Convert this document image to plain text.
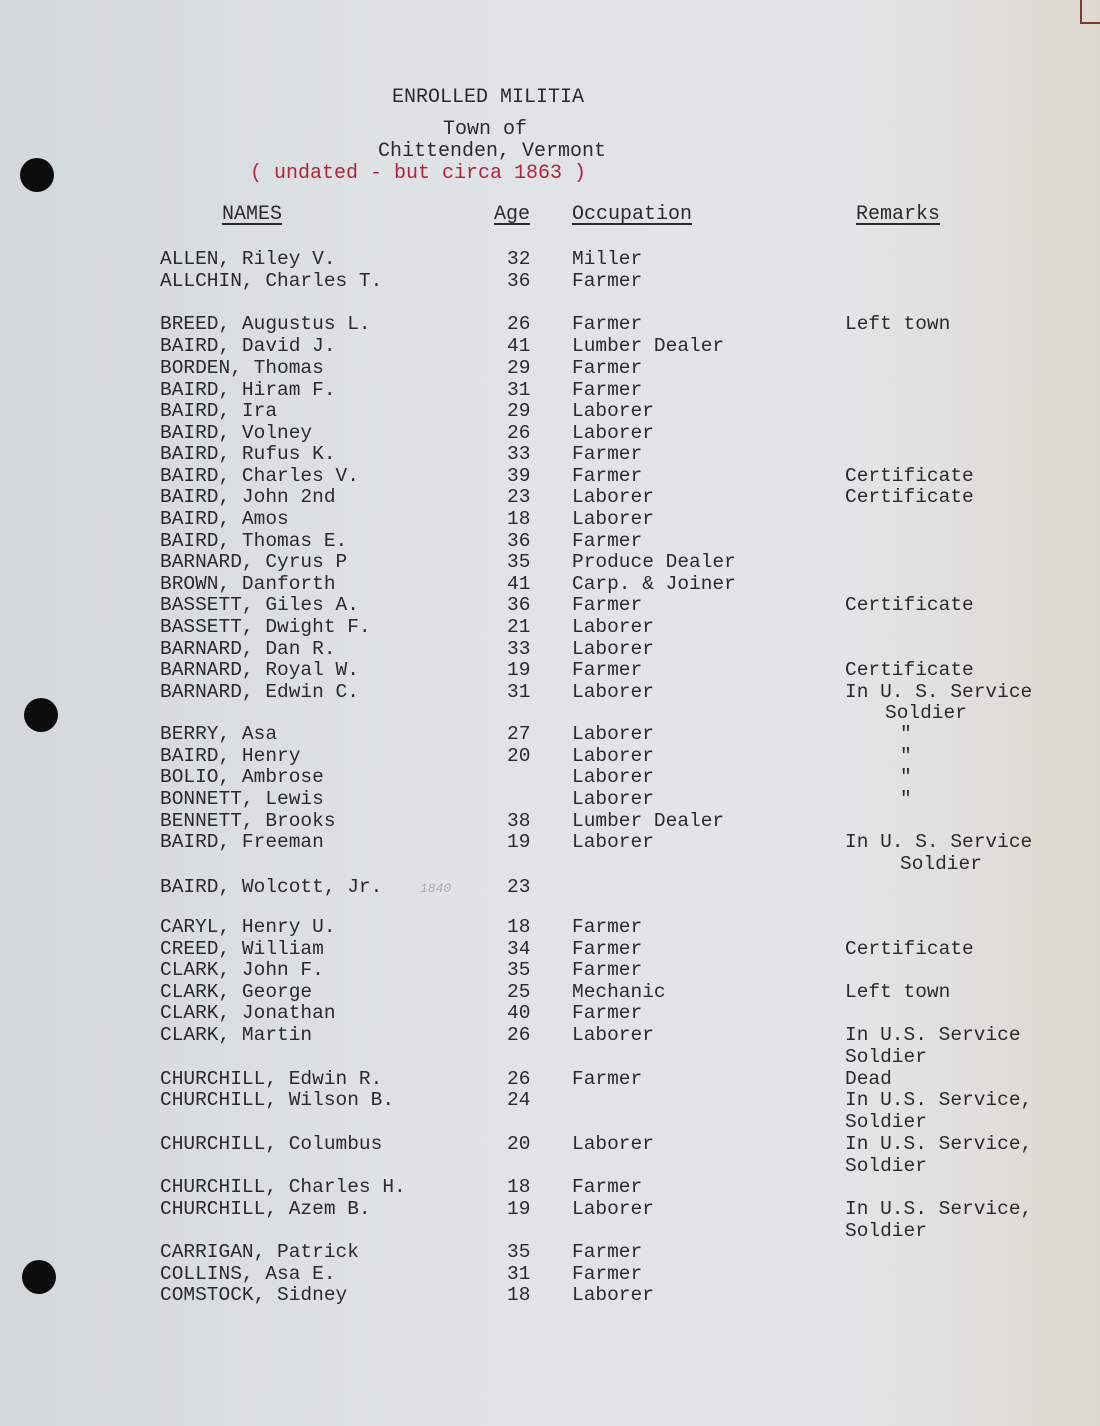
ENROLLED MILITIA
Town of
Chittenden, Vermont
( undated - but circa 1863 )
NAMES	Age Occupation	Remarks
ALLEN, Riley V.	32 Miller
ALLCHIN, Charles T.	36 Farmer
BREED, Augustus L.	26 Farmer	Left town
BAIRD, David J.	41 Lumber Dealer
BORDEN, Thomas	29 Farmer
BAIRD, Hiram F.	31 Farmer
BAIRD, Ira	29 Laborer
BAIRD, Volney	26 Laborer
BAIRD, Rufus K.	33 Farmer
BAIRD, Charles V.	39 Farmer	Certificate
BAIRD, John 2nd	23 Laborer	Certificate
BAIRD, Amos	18 Laborer
BAIRD, Thomas E.	36 Farmer
BARNARD, Cyrus P	35 Produce Dealer
BROWN, Danforth	41 Carp. & Joiner
BASSETT, Giles A.	36 Farmer	Certificate
BASSETT, Dwight F.	21 Laborer
BARNARD, Dan R.	33 Laborer
BARNARD, Royal W.	19 Farmer	Certificate
BARNARD, Edwin C.	31 Laborer	In U. S. Service
Soldier
BERRY, Asa	27 Laborer	"
BAIRD, Henry	20 Laborer	"
BOLIO, Ambrose	Laborer	"
BONNETT, Lewis	Laborer	"
BENNETT, Brooks	38 Lumber Dealer
BAIRD, Freeman	19 Laborer	In U. S. Service
Soldier
BAIRD, Wolcott, Jr.	23
1840
CARYL, Henry U.	18 Farmer
CREED, William	34 Farmer	Certificate
CLARK, John F.	35 Farmer
CLARK, George	25 Mechanic	Left town
CLARK, Jonathan	40 Farmer
CLARK, Martin	26 Laborer	In U.S. Service
Soldier
CHURCHILL, Edwin R.	26 Farmer	Dead
CHURCHILL, Wilson B.	24	In U.S. Service,
Soldier
CHURCHILL, Columbus	20 Laborer	In U.S. Service,
Soldier
CHURCHILL, Charles H.	18 Farmer
CHURCHILL, Azem B.	19 Laborer	In U.S. Service,
Soldier
CARRIGAN, Patrick	35 Farmer
COLLINS, Asa E.	31 Farmer
COMSTOCK, Sidney	18 Laborer
